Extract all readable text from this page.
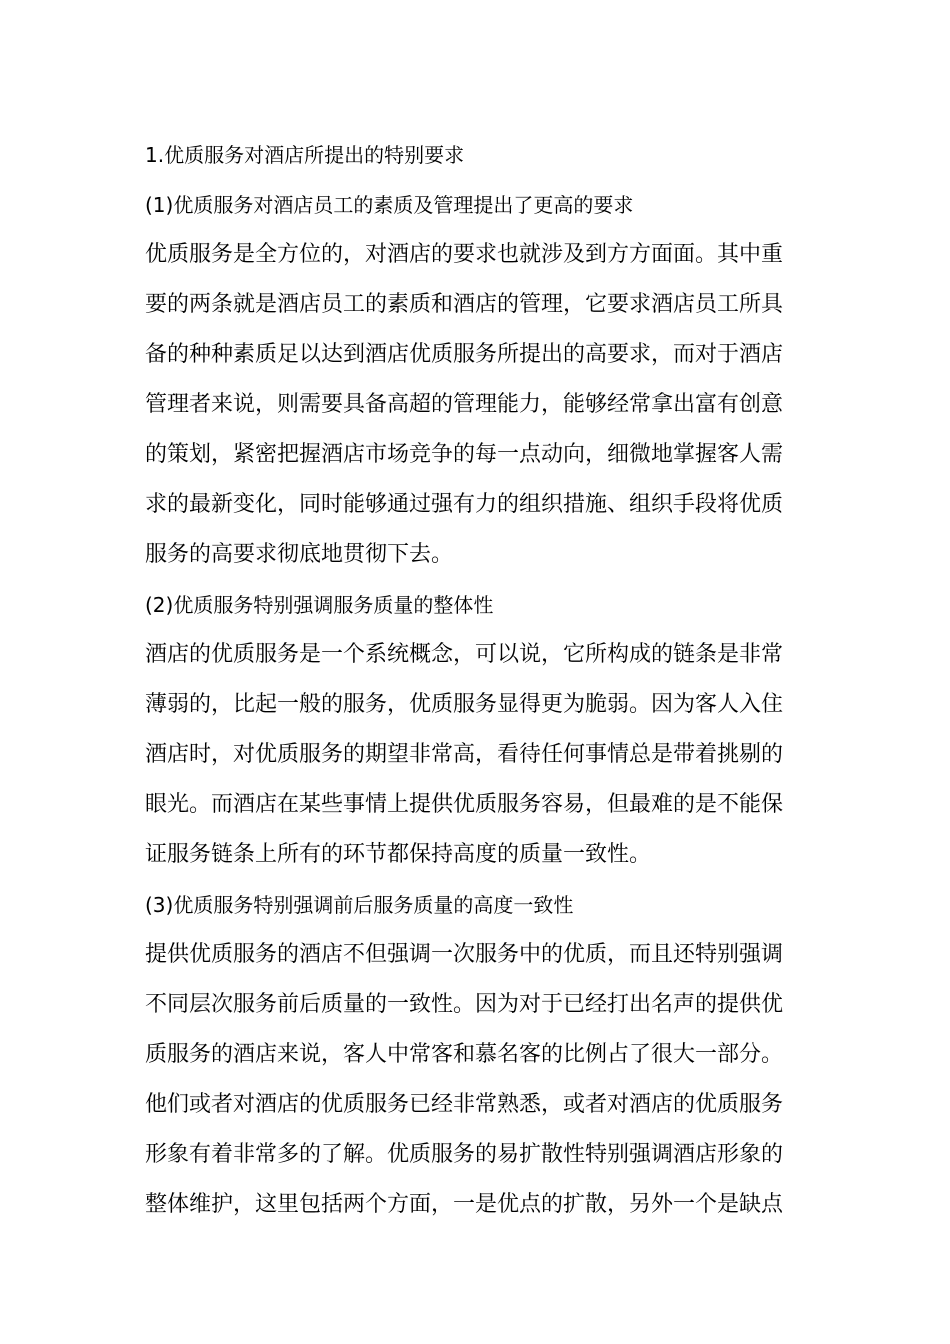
1.优质服务对酒店所提出的特别要求
(1)优质服务对酒店员工的素质及管理提出了更高的要求
优质服务是全方位的，对酒店的要求也就涉及到方方面面。其中重
要的两条就是酒店员工的素质和酒店的管理，它要求酒店员工所具
备的种种素质足以达到酒店优质服务所提出的高要求，而对于酒店
管理者来说，则需要具备高超的管理能力，能够经常拿出富有创意
的策划，紧密把握酒店市场竞争的每一点动向，细微地掌握客人需
求的最新变化，同时能够通过强有力的组织措施、组织手段将优质
服务的高要求彻底地贯彻下去。
(2)优质服务特别强调服务质量的整体性
酒店的优质服务是一个系统概念，可以说，它所构成的链条是非常
薄弱的，比起一般的服务，优质服务显得更为脆弱。因为客人入住
酒店时，对优质服务的期望非常高，看待任何事情总是带着挑剔的
眼光。而酒店在某些事情上提供优质服务容易，但最难的是不能保
证服务链条上所有的环节都保持高度的质量一致性。
(3)优质服务特别强调前后服务质量的高度一致性
提供优质服务的酒店不但强调一次服务中的优质，而且还特别强调
不同层次服务前后质量的一致性。因为对于已经打出名声的提供优
质服务的酒店来说，客人中常客和慕名客的比例占了很大一部分。
他们或者对酒店的优质服务已经非常熟悉，或者对酒店的优质服务
形象有着非常多的了解。优质服务的易扩散性特别强调酒店形象的
整体维护，这里包括两个方面，一是优点的扩散，另外一个是缺点
